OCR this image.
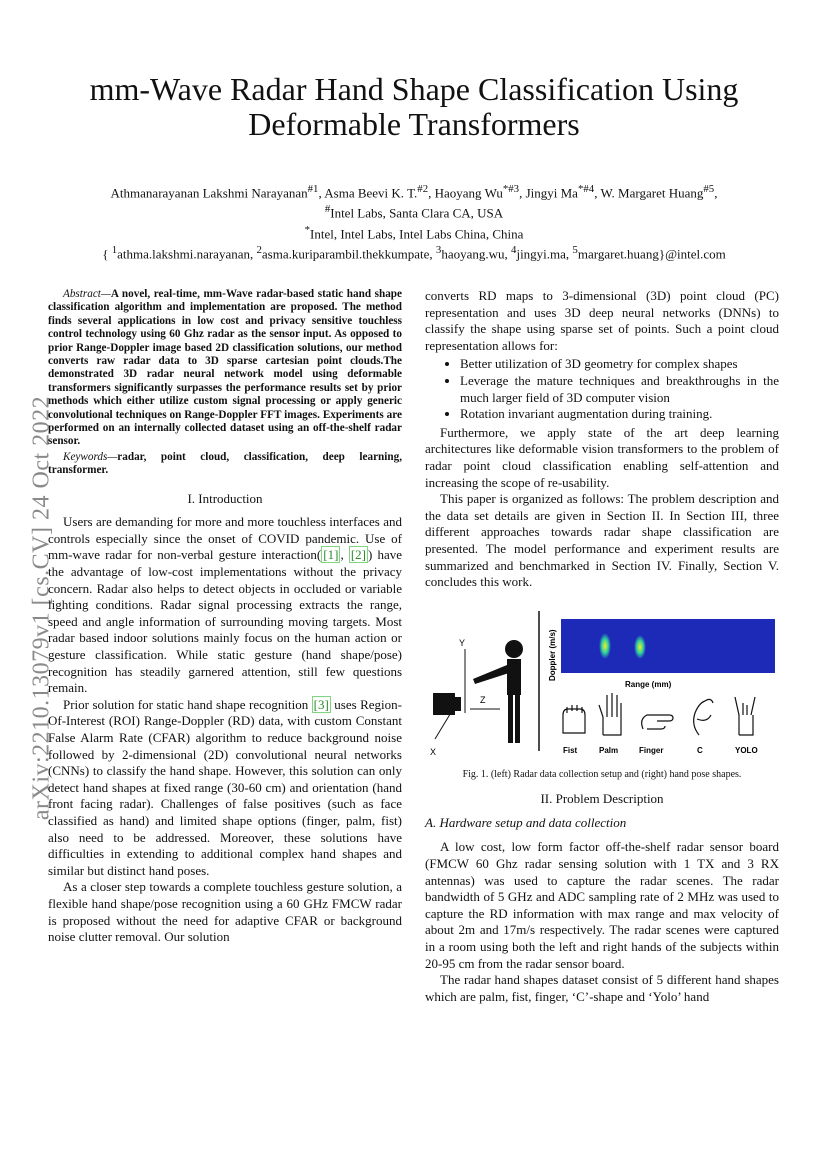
mm-Wave Radar Hand Shape Classification Using Deformable Transformers
Athmanarayanan Lakshmi Narayanan$^{\#1}$, Asma Beevi K. T.$^{\#2}$, Haoyang Wu$^{*\#3}$, Jingyi Ma$^{*\#4}$, W. Margaret Huang$^{\#5}$,
#Intel Labs, Santa Clara CA, USA
*Intel, Intel Labs, Intel Labs China, China
{ $^1$athma.lakshmi.narayanan, $^2$asma.kuriparambil.thekkumpate, $^3$haoyang.wu, $^4$jingyi.ma, $^5$margaret.huang}@intel.com
arXiv:2210.13079v1 [cs.CV] 24 Oct 2022

Abstract—A novel, real-time, mm-Wave radar-based static hand shape classification algorithm and implementation are proposed. The method finds several applications in low cost and privacy sensitive touchless control technology using 60 Ghz radar as the sensor input. As opposed to prior Range-Doppler image based 2D classification solutions, our method converts raw radar data to 3D sparse cartesian point clouds.The demonstrated 3D radar neural network model using deformable transformers significantly surpasses the performance results set by prior methods which either utilize custom signal processing or apply generic convolutional techniques on Range-Doppler FFT images. Experiments are performed on an internally collected dataset using an off-the-shelf radar sensor.

Keywords—radar, point cloud, classification, deep learning, transformer.

I. Introduction

Users are demanding for more and more touchless interfaces and controls especially since the onset of COVID pandemic. Use of mm-wave radar for non-verbal gesture interaction( [1] , [2] ) have the advantage of low-cost implementations without the privacy concern. Radar also helps to detect objects in occluded or variable lighting conditions. Radar signal processing extracts the range, speed and angle information of surrounding moving targets. Most radar based indoor solutions mainly focus on the human action or gesture classification. While static gesture (hand shape/pose) recognition has steadily garnered attention, still few questions remain.

Prior solution for static hand shape recognition [3] uses Region-Of-Interest (ROI) Range-Doppler (RD) data, with custom Constant False Alarm Rate (CFAR) algorithm to reduce background noise followed by 2-dimensional (2D) convolutional neural networks (CNNs) to classify the hand shape. However, this solution can only detect hand shapes at fixed range (30-60 cm) and orientation (hand front facing radar). Challenges of false positives (such as face classified as hand) and limited shape options (finger, palm, fist) also need to be addressed. Moreover, these solutions have difficulties in extending to additional complex hand shapes and similar but distinct hand poses.

As a closer step towards a complete touchless gesture solution, a flexible hand shape/pose recognition using a 60 GHz FMCW radar is proposed without the need for adaptive CFAR or background noise clutter removal. Our solution

converts RD maps to 3-dimensional (3D) point cloud (PC) representation and uses 3D deep neural networks (DNNs) to classify the shape using sparse set of points. Such a point cloud representation allows for:

• Better utilization of 3D geometry for complex shapes
• Leverage the mature techniques and breakthroughs in the much larger field of 3D computer vision
• Rotation invariant augmentation during training.

Furthermore, we apply state of the art deep learning architectures like deformable vision transformers to the problem of radar point cloud classification enabling self-attention and increasing the scope of re-usability.

This paper is organized as follows: The problem description and the data set details are given in Section II. In Section III, three different approaches towards radar shape classification are presented. The model performance and experiment results are summarized and benchmarked in Section IV. Finally, Section V. concludes this work.

Y
Z
X
Doppler (m/s)
Range (mm)
Fist	Palm	Finger	C	YOLO
Fig. 1. (left) Radar data collection setup and (right) hand pose shapes.
II. Problem Description
A. Hardware setup and data collection

A low cost, low form factor off-the-shelf radar sensor board (FMCW 60 Ghz radar sensing solution with 1 TX and 3 RX antennas) was used to capture the radar scenes. The radar bandwidth of 5 GHz and ADC sampling rate of 2 MHz was used to capture the RD information with max range and max velocity of about 2m and 17m/s respectively. The radar scenes were captured in a room using both the left and right hands of the subjects within 20-95 cm from the radar sensor board.

The radar hand shapes dataset consist of 5 different hand shapes which are palm, fist, finger, ‘C’-shape and ‘Yolo’ hand
